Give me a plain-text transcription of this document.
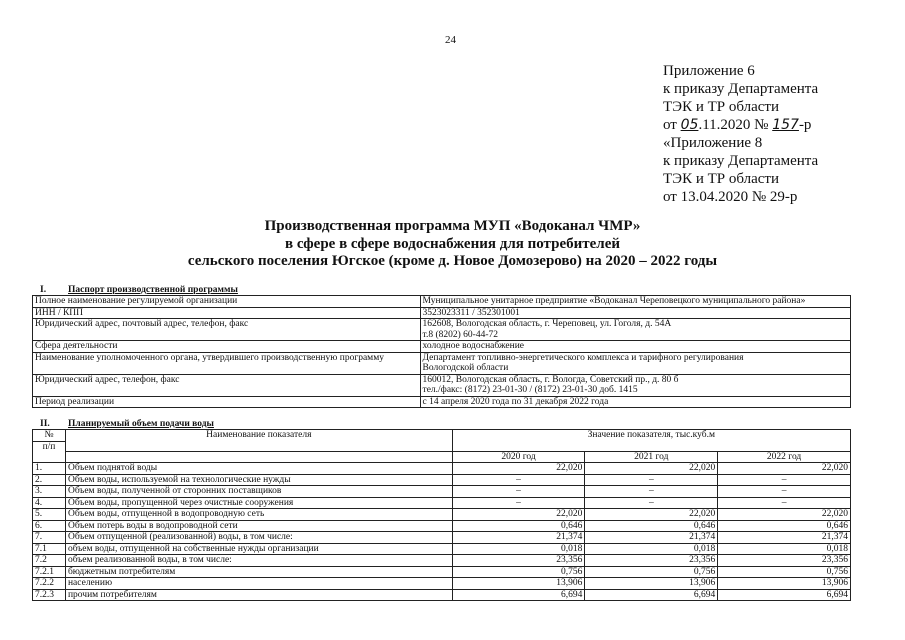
24
Приложение 6
к приказу Департамента
ТЭК и ТР области
от 05.11.2020 № 157-р
«Приложение 8
к приказу Департамента
ТЭК и ТР области
от 13.04.2020 № 29-р
Производственная программа МУП «Водоканал ЧМР»
в сфере в сфере водоснабжения для потребителей
сельского поселения Югское (кроме д. Новое Домозерово) на 2020 – 2022 годы
I. Паспорт производственной программы
Полное наименование регулируемой организации	Муниципальное унитарное предприятие «Водоканал Череповецкого муниципального района»

ИНН / КПП	3523023311 / 352301001

Юридический адрес, почтовый адрес, телефон, факс	162608, Вологодская область, г. Череповец, ул. Гоголя, д. 54А
т.8 (8202) 60-44-72

Сфера деятельности	холодное водоснабжение

Наименование уполномоченного органа, утвердившего производственную программу	Департамент топливно-энергетического комплекса и тарифного регулирования
Вологодской области

Юридический адрес, телефон, факс	160012, Вологодская область, г. Вологда, Советский пр., д. 80 б
тел./факс: (8172) 23-01-30 / (8172) 23-01-30 доб. 1415

Период реализации	с 14 апреля 2020 года по 31 декабря 2022 года
II. Планируемый объем подачи воды
№	Наименование показателя	Значение показателя, тыс.куб.м		
п/п				
		2020 год	2021 год	2022 год
1.	Объем поднятой воды	22,020	22,020	22,020
2.	Объем воды, используемой на технологические нужды	–	–	–
3.	Объем воды, полученной от сторонних поставщиков	–	–	–
4.	Объем воды, пропущенной через очистные сооружения	–	–	–
5.	Объем воды, отпущенной в водопроводную сеть	22,020	22,020	22,020
6.	Объем потерь воды в водопроводной сети	0,646	0,646	0,646
7.	Объем отпущенной (реализованной) воды, в том числе:	21,374	21,374	21,374
7.1	объем воды, отпущенной на собственные нужды организации	0,018	0,018	0,018
7.2	объем реализованной воды, в том числе:	23,356	23,356	23,356
7.2.1	бюджетным потребителям	0,756	0,756	0,756
7.2.2	населению	13,906	13,906	13,906
7.2.3	прочим потребителям	6,694	6,694	6,694
